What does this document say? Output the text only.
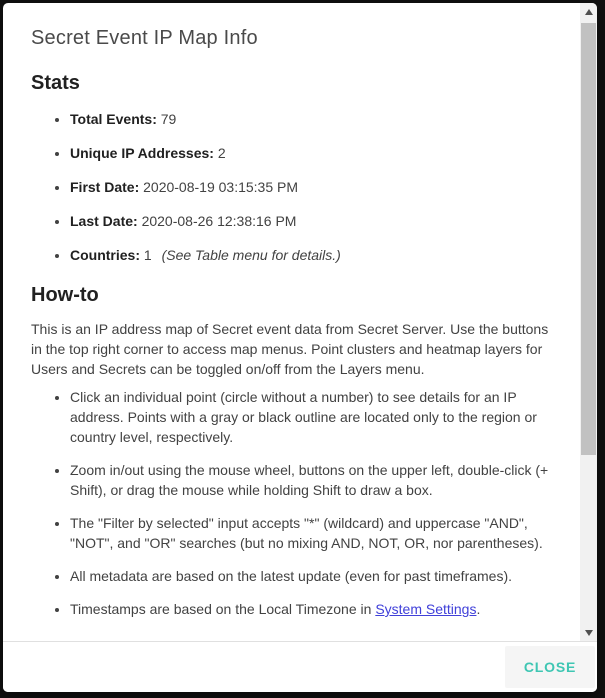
Secret Event IP Map Info
Stats
• Total Events: 79
• Unique IP Addresses: 2
• First Date: 2020-08-19 03:15:35 PM
• Last Date: 2020-08-26 12:38:16 PM
• Countries: 1 (See Table menu for details.)
How-to

This is an IP address map of Secret event data from Secret Server. Use the buttons in the top right corner to access map menus. Point clusters and heatmap layers for Users and Secrets can be toggled on/off from the Layers menu.

• Click an individual point (circle without a number) to see details for an IP address. Points with a gray or black outline are located only to the region or country level, respectively.
• Zoom in/out using the mouse wheel, buttons on the upper left, double-click (+ Shift), or drag the mouse while holding Shift to draw a box.
• The "Filter by selected" input accepts "*" (wildcard) and uppercase "AND", "NOT", and "OR" searches (but no mixing AND, NOT, OR, nor parentheses).
• All metadata are based on the latest update (even for past timeframes).
• Timestamps are based on the Local Timezone in System Settings.
CLOSE
